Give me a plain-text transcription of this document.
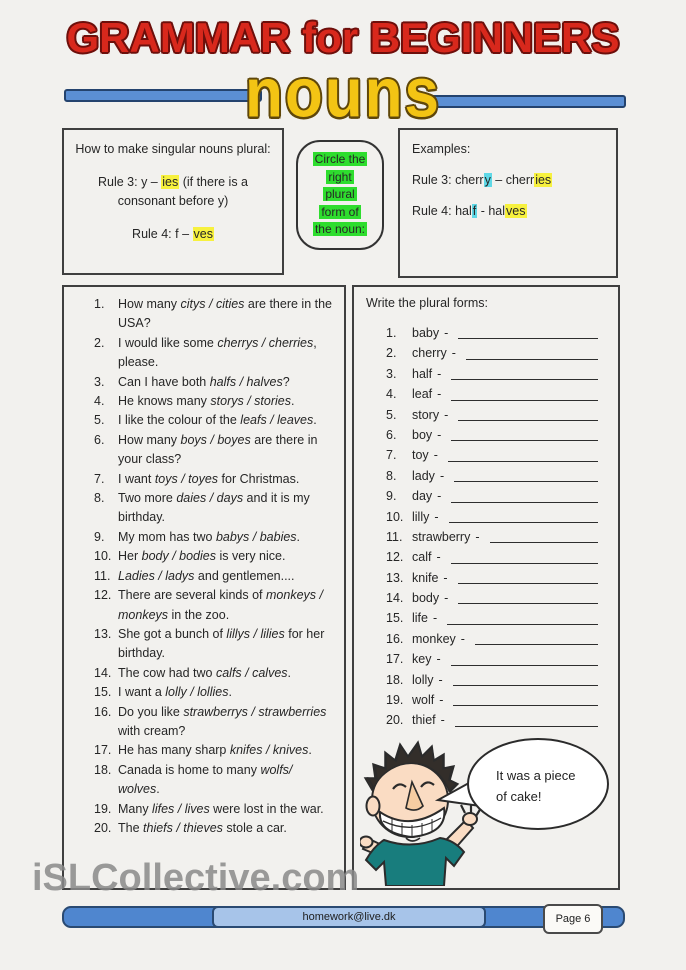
GRAMMAR for BEGINNERS
nouns

How to make singular nouns plural:

Rule 3: y – ies (if there is a consonant before y)

Rule 4: f – ves

Circle the
right
plural
form of
the noun:

Examples:

Rule 3: cherry – cherries

Rule 4: half - halves

1.	How many citys / cities are there in the USA?
2.	I would like some cherrys / cherries, please.
3.	Can I have both halfs / halves?
4.	He knows many storys / stories.
5.	I like the colour of the leafs / leaves.
6.	How many boys / boyes are there in your class?
7.	I want toys / toyes for Christmas.
8.	Two more daies / days and it is my birthday.
9.	My mom has two babys / babies.
10. Her body / bodies is very nice.
11. Ladies / ladys and gentlemen....
12. There are several kinds of monkeys / monkeys in the zoo.
13. She got a bunch of lillys / lilies for her birthday.
14. The cow had two calfs / calves.
15. I want a lolly / lollies.
16. Do you like strawberrys / strawberries with cream?
17. He has many sharp knifes / knives.
18. Canada is home to many wolfs/ wolves.
19. Many lifes / lives were lost in the war.
20. The thiefs / thieves stole a car.

Write the plural forms:

1.	baby -
2.	cherry -
3.	half -
4.	leaf -
5.	story -
6.	boy -
7.	toy -
8.	lady -
9.	day -
10. lilly -
11. strawberry -
12. calf -
13. knife -
14. body -
15. life -
16. monkey -
17. key -
18. lolly -
19. wolf -
20. thief -
It was a piece
of cake!
iSLCollective.com
homework@live.dk	Page 6
